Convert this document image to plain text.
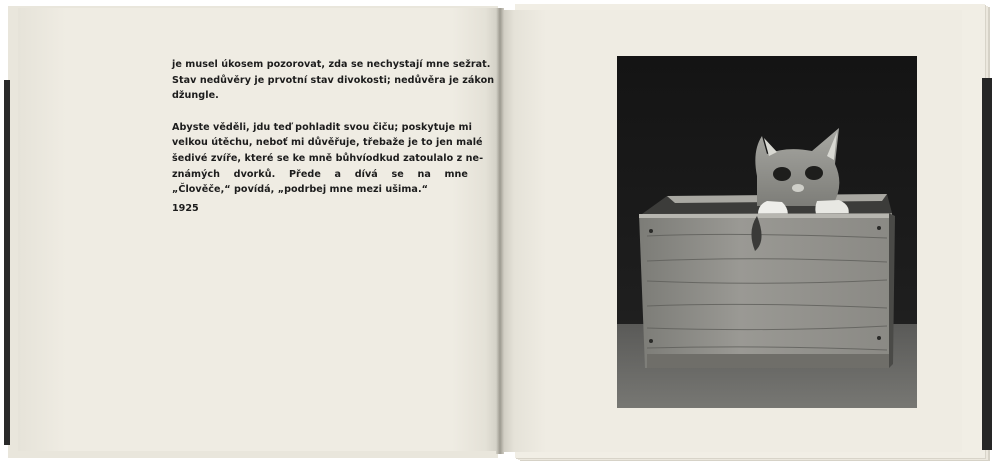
je musel úkosem pozorovat, zda se nechystají mne sežrat.
Stav nedůvěry je prvotní stav divokosti; nedůvěra je zákon
džungle.

Abyste věděli, jdu teď pohladit svou čiču; poskytuje mi
velkou útěchu, neboť mi důvěřuje, třebaže je to jen malé
šedivé zvíře, které se ke mně bůhvíodkud zatoulalo z ne-
známých dvorků. Přede a dívá se na mne
„Člověče,“ povídá, „podrbej mne mezi ušima.“

1925
